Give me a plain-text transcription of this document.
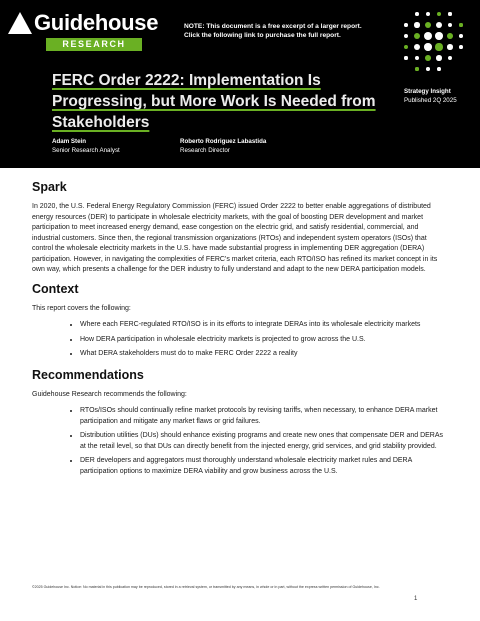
Guidehouse
RESEARCH
NOTE: This document is a free excerpt of a larger report.
Click the following link to purchase the full report.
FERC Order 2222: Implementation Is
Progressing, but More Work Is Needed from
Stakeholders
Strategy Insight
Published 2Q 2025
Adam Stein
Senior Research Analyst
Roberto Rodriguez Labastida
Research Director
Spark

In 2020, the U.S. Federal Energy Regulatory Commission (FERC) issued Order 2222 to better enable aggregations of distributed energy resources (DER) to participate in wholesale electricity markets, with the goal of boosting DER development and market participation to meet increased energy demand, ease congestion on the electric grid, and satisfy residential, commercial, and industrial customers. Since then, the regional transmission organizations (RTOs) and independent system operators (ISOs) that control the wholesale electricity markets in the U.S. have made substantial progress in implementing DER aggregation (DERA) participation. However, in navigating the complexities of FERC's market criteria, each RTO/ISO has refined its market concept in its own way, which presents a challenge for the DER industry to fully understand and adapt to the new DERA participation models.

Context

This report covers the following:

• Where each FERC-regulated RTO/ISO is in its efforts to integrate DERAs into its wholesale electricity markets
• How DERA participation in wholesale electricity markets is projected to grow across the U.S.
• What DERA stakeholders must do to make FERC Order 2222 a reality
Recommendations

Guidehouse Research recommends the following:

• RTOs/ISOs should continually refine market protocols by revising tariffs, when necessary, to enhance DERA market participation and mitigate any market flaws or grid failures.
• Distribution utilities (DUs) should enhance existing programs and create new ones that compensate DER and DERAs at the retail level, so that DUs can directly benefit from the injected energy, grid services, and grid stability provided.
• DER developers and aggregators must thoroughly understand wholesale electricity market rules and DERA participation options to maximize DERA viability and grow business across the U.S.
©2025 Guidehouse Inc. Notice: No material in this publication may be reproduced, stored in a retrieval system, or transmitted by any means, in whole or in part, without the express written permission of Guidehouse, Inc.
1
